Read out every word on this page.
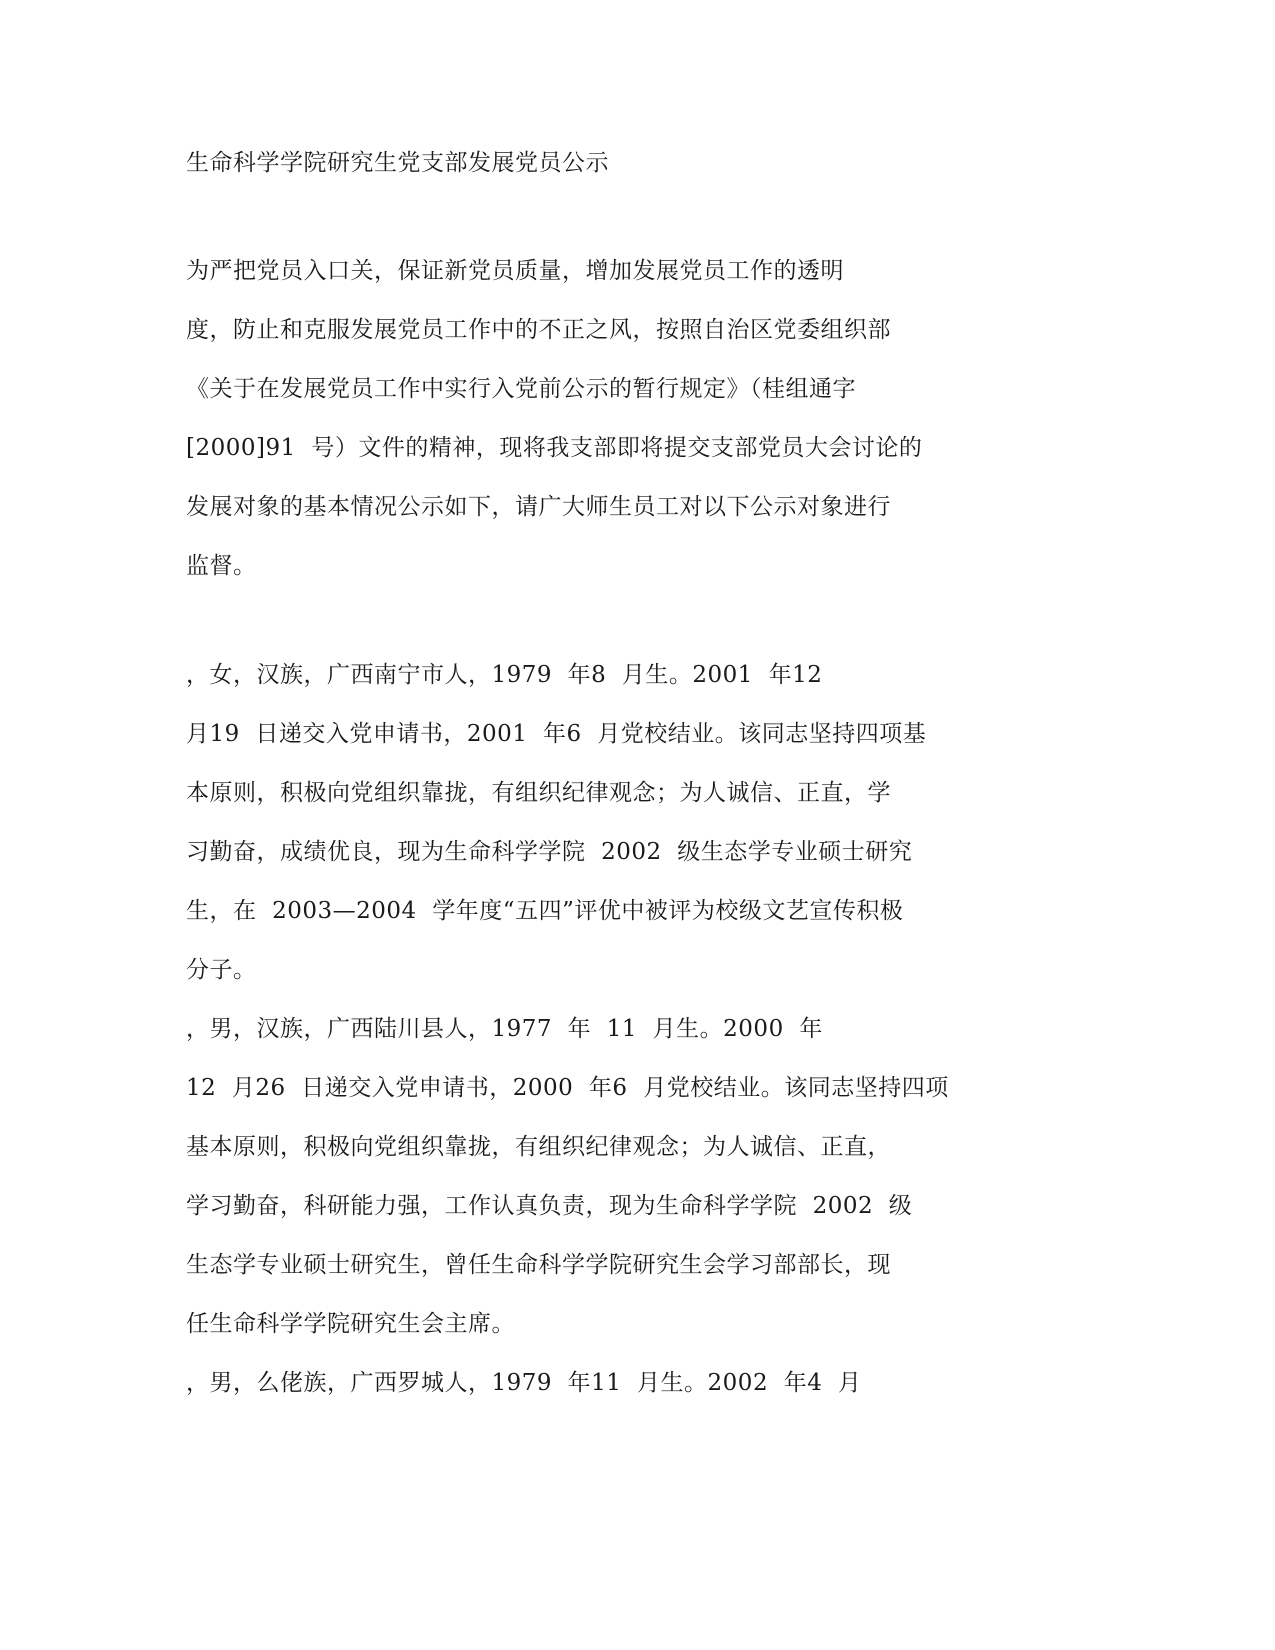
生命科学学院研究生党支部发展党员公示
为严把党员入口关，保证新党员质量，增加发展党员工作的透明
度，防止和克服发展党员工作中的不正之风，按照自治区党委组织部
《关于在发展党员工作中实行入党前公示的暂行规定》（桂组通字
[2000]91  号）文件的精神，现将我支部即将提交支部党员大会讨论的
发展对象的基本情况公示如下，请广大师生员工对以下公示对象进行
监督。
，女，汉族，广西南宁市人，1979  年8  月生。2001  年12
月19  日递交入党申请书，2001  年6  月党校结业。该同志坚持四项基
本原则，积极向党组织靠拢，有组织纪律观念；为人诚信、正直，学
习勤奋，成绩优良，现为生命科学学院  2002  级生态学专业硕士研究
生，在  2003—2004  学年度“五四”评优中被评为校级文艺宣传积极
分子。
，男，汉族，广西陆川县人，1977  年  11  月生。2000  年
12  月26  日递交入党申请书，2000  年6  月党校结业。该同志坚持四项
基本原则，积极向党组织靠拢，有组织纪律观念；为人诚信、正直，
学习勤奋，科研能力强，工作认真负责，现为生命科学学院  2002  级
生态学专业硕士研究生，曾任生命科学学院研究生会学习部部长，现
任生命科学学院研究生会主席。
，男，么佬族，广西罗城人，1979  年11  月生。2002  年4  月
